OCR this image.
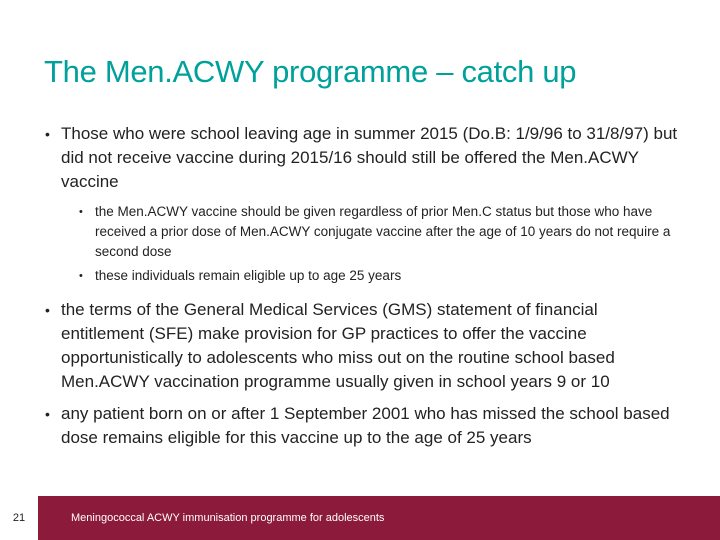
The Men.ACWY programme – catch up
• Those who were school leaving age in summer 2015 (Do.B: 1/9/96 to 31/8/97) but did not receive vaccine during 2015/16 should still be offered the Men.ACWY vaccine
• the Men.ACWY vaccine should be given regardless of prior Men.C status but those who have received a prior dose of Men.ACWY conjugate vaccine after the age of 10 years do not require a second dose
• these individuals remain eligible up to age 25 years
• the terms of the General Medical Services (GMS) statement of financial entitlement (SFE) make provision for GP practices to offer the vaccine opportunistically to adolescents who miss out on the routine school based Men.ACWY vaccination programme usually given in school years 9 or 10
• any patient born on or after 1 September 2001 who has missed the school based dose remains eligible for this vaccine up to the age of 25 years
21	Meningococcal ACWY immunisation programme for adolescents
